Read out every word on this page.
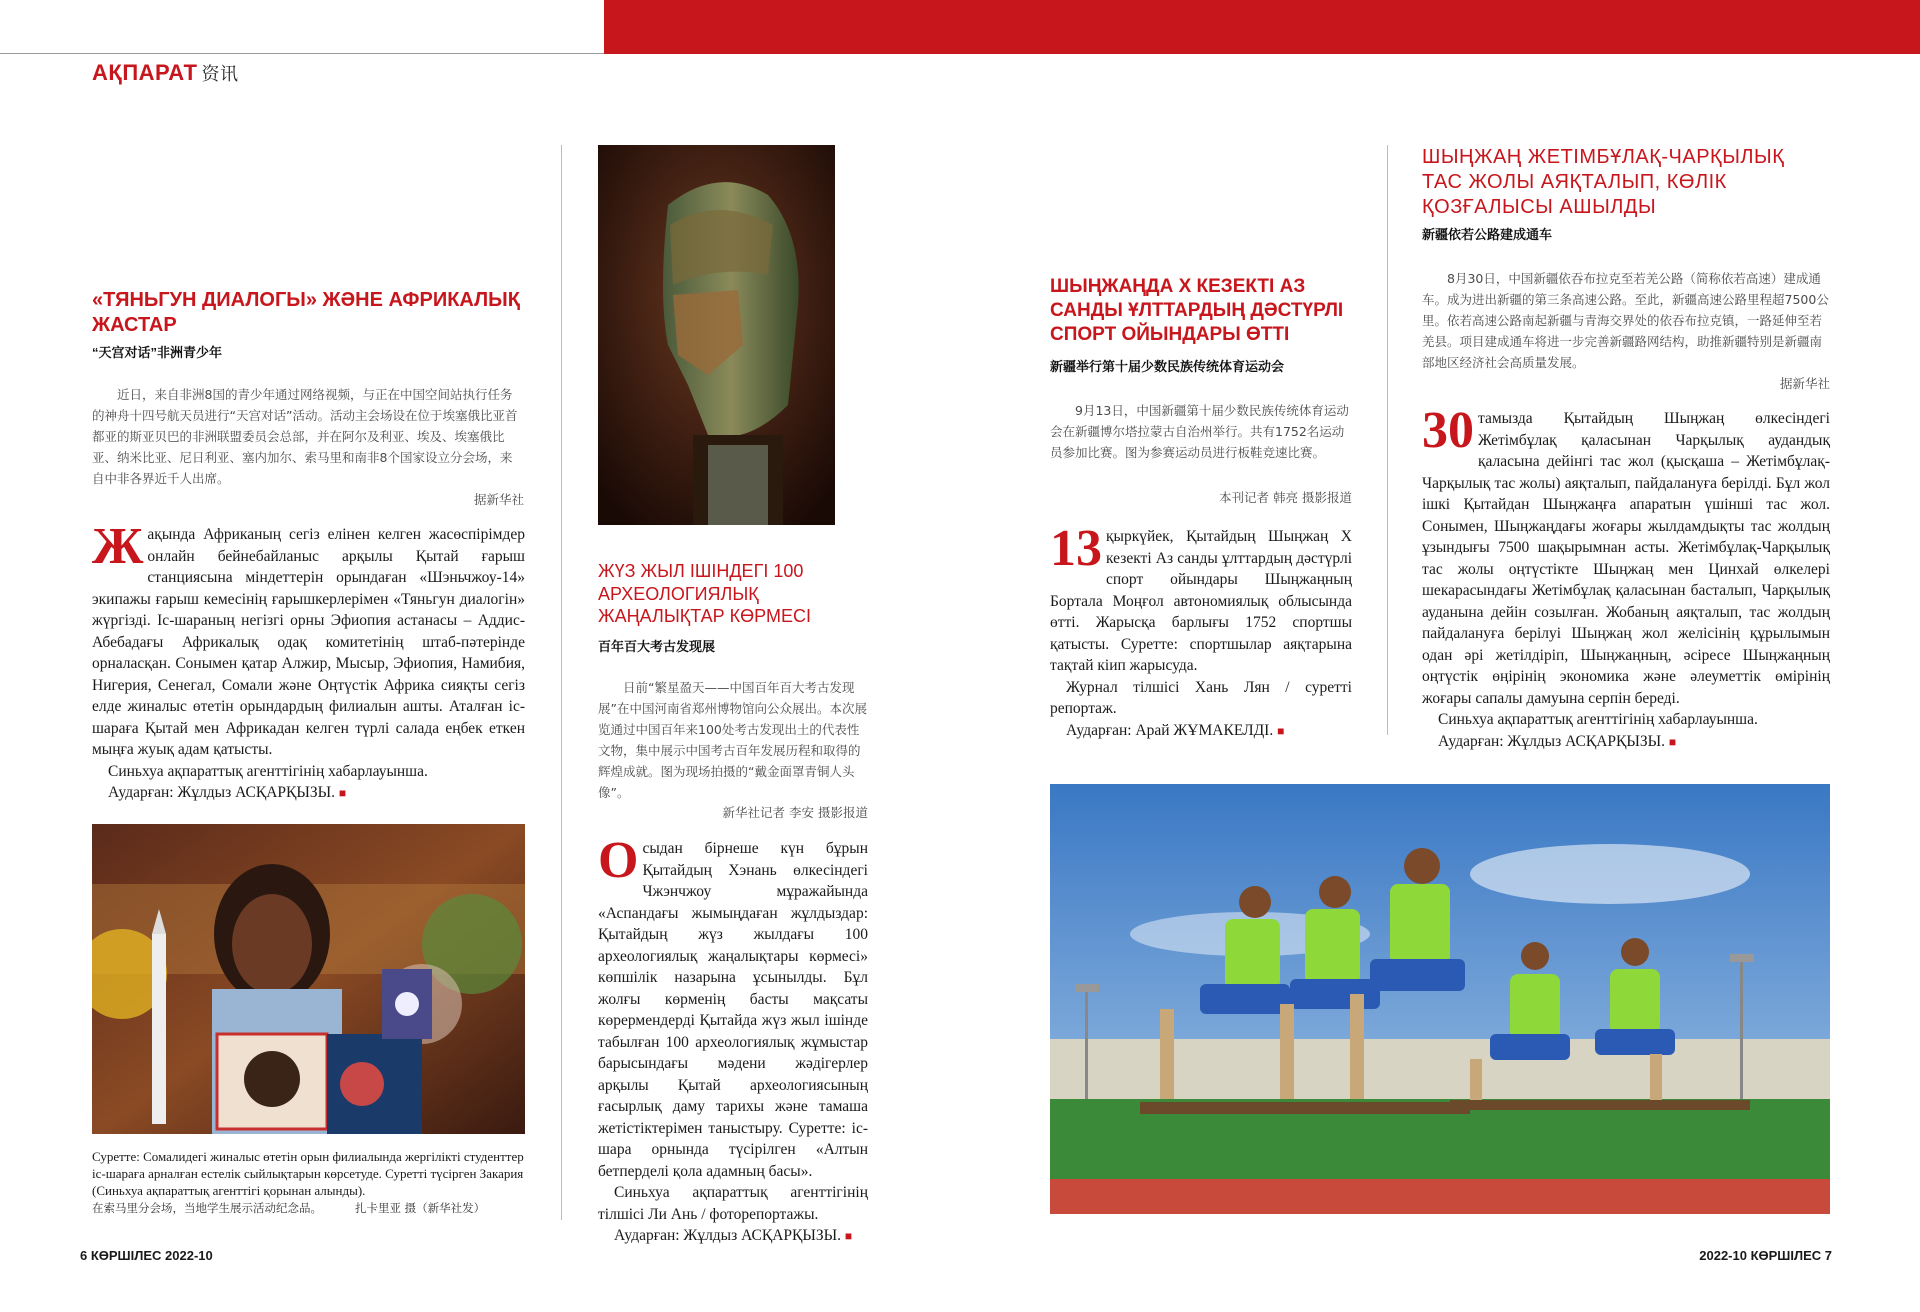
АҚПАРАТ 资讯
«ТЯНЬГУН ДИАЛОГЫ» ЖӘНЕ АФРИКАЛЫҚ ЖАСТАР
“天宫对话”非洲青少年
近日，来自非洲8国的青少年通过网络视频，与正在中国空间站执行任务的神舟十四号航天员进行“天宫对话”活动。活动主会场设在位于埃塞俄比亚首都亚的斯亚贝巴的非洲联盟委员会总部，并在阿尔及利亚、埃及、埃塞俄比亚、纳米比亚、尼日利亚、塞内加尔、索马里和南非8个国家设立分会场，来自中非各界近千人出席。
据新华社

Жақында Африканың сегіз елінен келген жасөспірімдер онлайн бейнебайланыс арқылы Қытай ғарыш станциясына міндеттерін орындаған «Шэньчжоу-14» экипажы ғарыш кемесінің ғарышкерлерімен «Тяньгун диалогін» жүргізді. Іс-шараның негізгі орны Эфиопия астанасы – Аддис-Абебадағы Африкалық одақ комитетінің штаб-пәтерінде орналасқан. Сонымен қатар Алжир, Мысыр, Эфиопия, Намибия, Нигерия, Сенегал, Сомали және Оңтүстік Африка сияқты сегіз елде жиналыс өтетін орындардың филиалын ашты. Аталған іс-шараға Қытай мен Африкадан келген түрлі салада еңбек еткен мыңға жуық адам қатысты.

Синьхуа ақпараттық агенттігінің хабарлауынша.

Аударған: Жұлдыз АСҚАРҚЫЗЫ. ■

Суретте: Сомалидегі жиналыс өтетін орын филиалында жергілікті студенттер іс-шараға арналған естелік сыйлықтарын көрсетуде. Суретті түсірген Закария (Синьхуа ақпараттық агенттігі қорынан алынды).
在索马里分会场，当地学生展示活动纪念品。	扎卡里亚 摄（新华社发）
ЖҮЗ ЖЫЛ ІШІНДЕГІ 100 АРХЕОЛОГИЯЛЫҚ ЖАҢАЛЫҚТАР КӨРМЕСІ
百年百大考古发现展
日前“繁星盈天——中国百年百大考古发现展”在中国河南省郑州博物馆向公众展出。本次展览通过中国百年来100处考古发现出土的代表性文物，集中展示中国考古百年发展历程和取得的辉煌成就。图为现场拍摄的“戴金面罩青铜人头像”。
新华社记者 李安 摄影报道

Осыдан бірнеше күн бұрын Қытайдың Хэнань өлкесіндегі Чжэнчжоу мұражайында «Аспандағы жымыңдаған жұлдыздар: Қытайдың жүз жылдағы 100 археологиялық жаңалықтары көрмесі» көпшілік назарына ұсынылды. Бұл жолғы көрменің басты мақсаты көрермендерді Қытайда жүз жыл ішінде табылған 100 археологиялық жұмыстар барысындағы мәдени жәдігерлер арқылы Қытай археологиясының ғасырлық даму тарихы және тамаша жетістіктерімен таныстыру. Суретте: іс-шара орнында түсірілген «Алтын бетперделі қола адамның басы».

Синьхуа ақпараттық агенттігінің тілшісі Ли Ань / фоторепортажы.

Аударған: Жұлдыз АСҚАРҚЫЗЫ. ■

ШЫҢЖАҢДА X КЕЗЕКТІ АЗ САНДЫ ҰЛТТАРДЫҢ ДӘСТҮРЛІ СПОРТ ОЙЫНДАРЫ ӨТТІ
新疆举行第十届少数民族传统体育运动会
9月13日，中国新疆第十届少数民族传统体育运动会在新疆博尔塔拉蒙古自治州举行。共有1752名运动员参加比赛。图为参赛运动员进行板鞋竞速比赛。
本刊记者 韩亮 摄影报道

13 қыркүйек, Қытайдың Шыңжаң X кезекті Аз санды ұлттардың дәстүрлі спорт ойындары Шыңжаңның Бортала Моңғол автономиялық облысында өтті. Жарысқа барлығы 1752 спортшы қатысты. Суретте: спортшылар аяқтарына тақтай кіип жарысуда.

Журнал тілшісі Хань Лян / суретті репортаж.

Аударған: Арай ЖҰМАКЕЛДІ. ■

ШЫҢЖАҢ ЖЕТІМБҰЛАҚ-ЧАРҚЫЛЫҚ ТАС ЖОЛЫ АЯҚТАЛЫП, КӨЛІК ҚОЗҒАЛЫСЫ АШЫЛДЫ
新疆依若公路建成通车
8月30日，中国新疆依吞布拉克至若羌公路（简称依若高速）建成通车。成为进出新疆的第三条高速公路。至此，新疆高速公路里程超7500公里。依若高速公路南起新疆与青海交界处的依吞布拉克镇，一路延伸至若羌县。项目建成通车将进一步完善新疆路网结构，助推新疆特别是新疆南部地区经济社会高质量发展。
据新华社

30 тамызда Қытайдың Шыңжаң өлкесіндегі Жетімбұлақ қаласынан Чарқылық аудандық қаласына дейінгі тас жол (қысқаша – Жетімбұлақ-Чарқылық тас жолы) аяқталып, пайдалануға берілді. Бұл жол ішкі Қытайдан Шыңжаңға апаратын үшінші тас жол. Сонымен, Шыңжаңдағы жоғары жылдамдықты тас жолдың ұзындығы 7500 шақырымнан асты. Жетімбұлақ-Чарқылық тас жолы оңтүстікте Шыңжаң мен Цинхай өлкелері шекарасындағы Жетімбұлақ қаласынан басталып, Чарқылық ауданына дейін созылған. Жобаның аяқталып, тас жолдың пайдалануға берілуі Шыңжаң жол желісінің құрылымын одан әрі жетілдіріп, Шыңжаңның, әсіресе Шыңжаңның оңтүстік өңірінің экономика және әлеуметтік өмірінің жоғары сапалы дамуына серпін береді.

Синьхуа ақпараттық агенттігінің хабарлауынша.

Аударған: Жұлдыз АСҚАРҚЫЗЫ. ■

6 КӨРШІЛЕС 2022-10	2022-10 КӨРШІЛЕС 7
